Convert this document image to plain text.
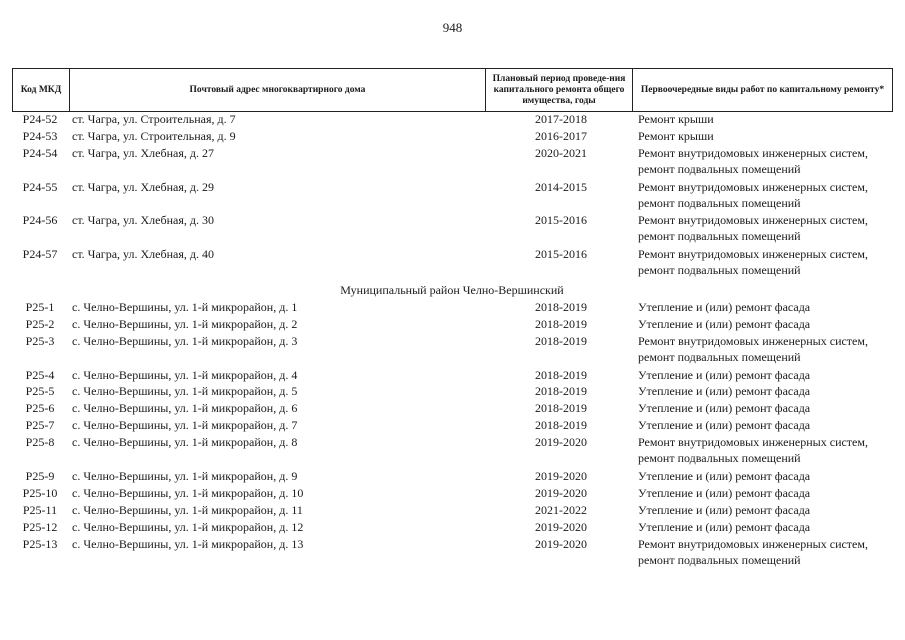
948
Код МКД	Почтовый адрес многоквартирного дома	Плановый период проведе-ния капитального ремонта общего имущества, годы	Первоочередные виды работ по капитальному ремонту*
Р24-52	ст. Чагра, ул. Строительная, д. 7	2017-2018	Ремонт крыши
Р24-53	ст. Чагра, ул. Строительная, д. 9	2016-2017	Ремонт крыши
Р24-54	ст. Чагра, ул. Хлебная, д. 27	2020-2021	Ремонт внутридомовых инженерных систем,
ремонт подвальных помещений
Р24-55	ст. Чагра, ул. Хлебная, д. 29	2014-2015	Ремонт внутридомовых инженерных систем,
ремонт подвальных помещений
Р24-56	ст. Чагра, ул. Хлебная, д. 30	2015-2016	Ремонт внутридомовых инженерных систем,
ремонт подвальных помещений
Р24-57	ст. Чагра, ул. Хлебная, д. 40	2015-2016	Ремонт внутридомовых инженерных систем,
ремонт подвальных помещений
Муниципальный район Челно-Вершинский
Р25-1	с. Челно-Вершины, ул. 1-й микрорайон, д. 1	2018-2019	Утепление и (или) ремонт фасада
Р25-2	с. Челно-Вершины, ул. 1-й микрорайон, д. 2	2018-2019	Утепление и (или) ремонт фасада
Р25-3	с. Челно-Вершины, ул. 1-й микрорайон, д. 3	2018-2019	Ремонт внутридомовых инженерных систем,
ремонт подвальных помещений
Р25-4	с. Челно-Вершины, ул. 1-й микрорайон, д. 4	2018-2019	Утепление и (или) ремонт фасада
Р25-5	с. Челно-Вершины, ул. 1-й микрорайон, д. 5	2018-2019	Утепление и (или) ремонт фасада
Р25-6	с. Челно-Вершины, ул. 1-й микрорайон, д. 6	2018-2019	Утепление и (или) ремонт фасада
Р25-7	с. Челно-Вершины, ул. 1-й микрорайон, д. 7	2018-2019	Утепление и (или) ремонт фасада
Р25-8	с. Челно-Вершины, ул. 1-й микрорайон, д. 8	2019-2020	Ремонт внутридомовых инженерных систем,
ремонт подвальных помещений
Р25-9	с. Челно-Вершины, ул. 1-й микрорайон, д. 9	2019-2020	Утепление и (или) ремонт фасада
Р25-10	с. Челно-Вершины, ул. 1-й микрорайон, д. 10	2019-2020	Утепление и (или) ремонт фасада
Р25-11	с. Челно-Вершины, ул. 1-й микрорайон, д. 11	2021-2022	Утепление и (или) ремонт фасада
Р25-12	с. Челно-Вершины, ул. 1-й микрорайон, д. 12	2019-2020	Утепление и (или) ремонт фасада
Р25-13	с. Челно-Вершины, ул. 1-й микрорайон, д. 13	2019-2020	Ремонт внутридомовых инженерных систем,
ремонт подвальных помещений
